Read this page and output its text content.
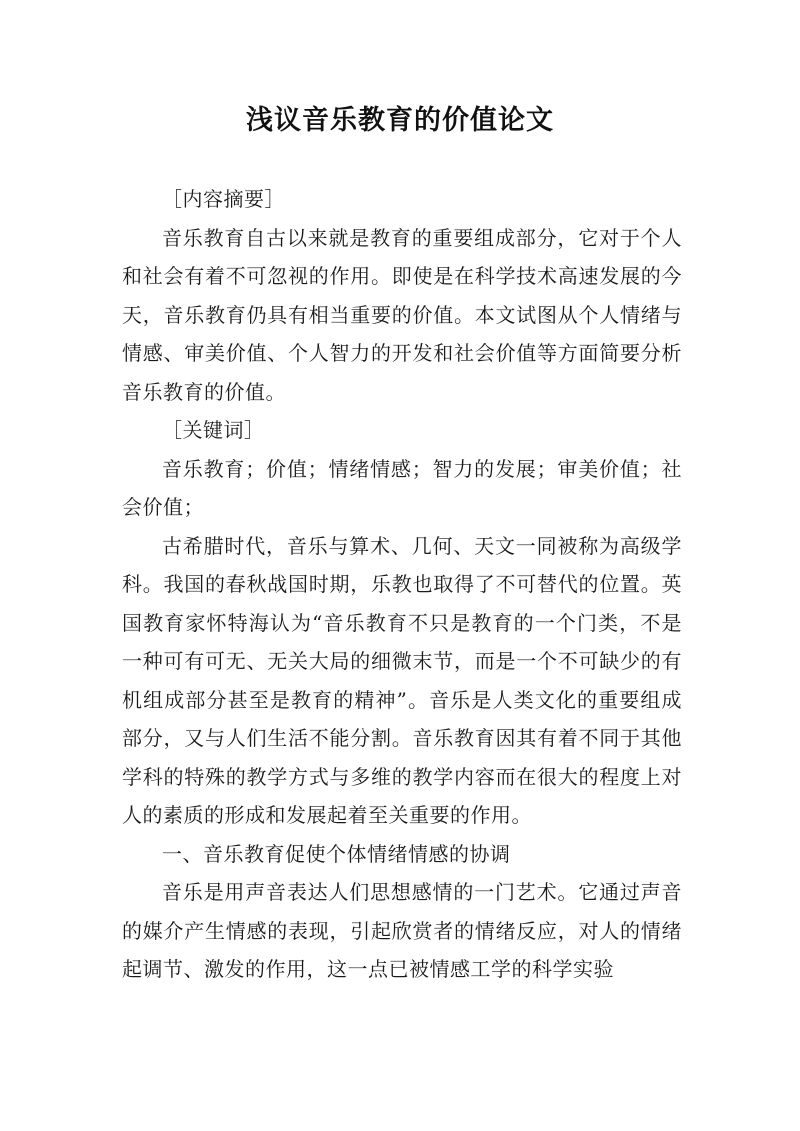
浅议音乐教育的价值论文

［内容摘要］

音乐教育自古以来就是教育的重要组成部分，它对于个人和社会有着不可忽视的作用。即使是在科学技术高速发展的今天，音乐教育仍具有相当重要的价值。本文试图从个人情绪与情感、审美价值、个人智力的开发和社会价值等方面简要分析音乐教育的价值。

［关键词］

音乐教育；价值；情绪情感；智力的发展；审美价值；社会价值；

古希腊时代，音乐与算术、几何、天文一同被称为高级学科。我国的春秋战国时期，乐教也取得了不可替代的位置。英国教育家怀特海认为“音乐教育不只是教育的一个门类，不是一种可有可无、无关大局的细微末节，而是一个不可缺少的有机组成部分甚至是教育的精神”。音乐是人类文化的重要组成部分，又与人们生活不能分割。音乐教育因其有着不同于其他学科的特殊的教学方式与多维的教学内容而在很大的程度上对人的素质的形成和发展起着至关重要的作用。

一、音乐教育促使个体情绪情感的协调

音乐是用声音表达人们思想感情的一门艺术。它通过声音的媒介产生情感的表现，引起欣赏者的情绪反应，对人的情绪起调节、激发的作用，这一点已被情感工学的科学实验
